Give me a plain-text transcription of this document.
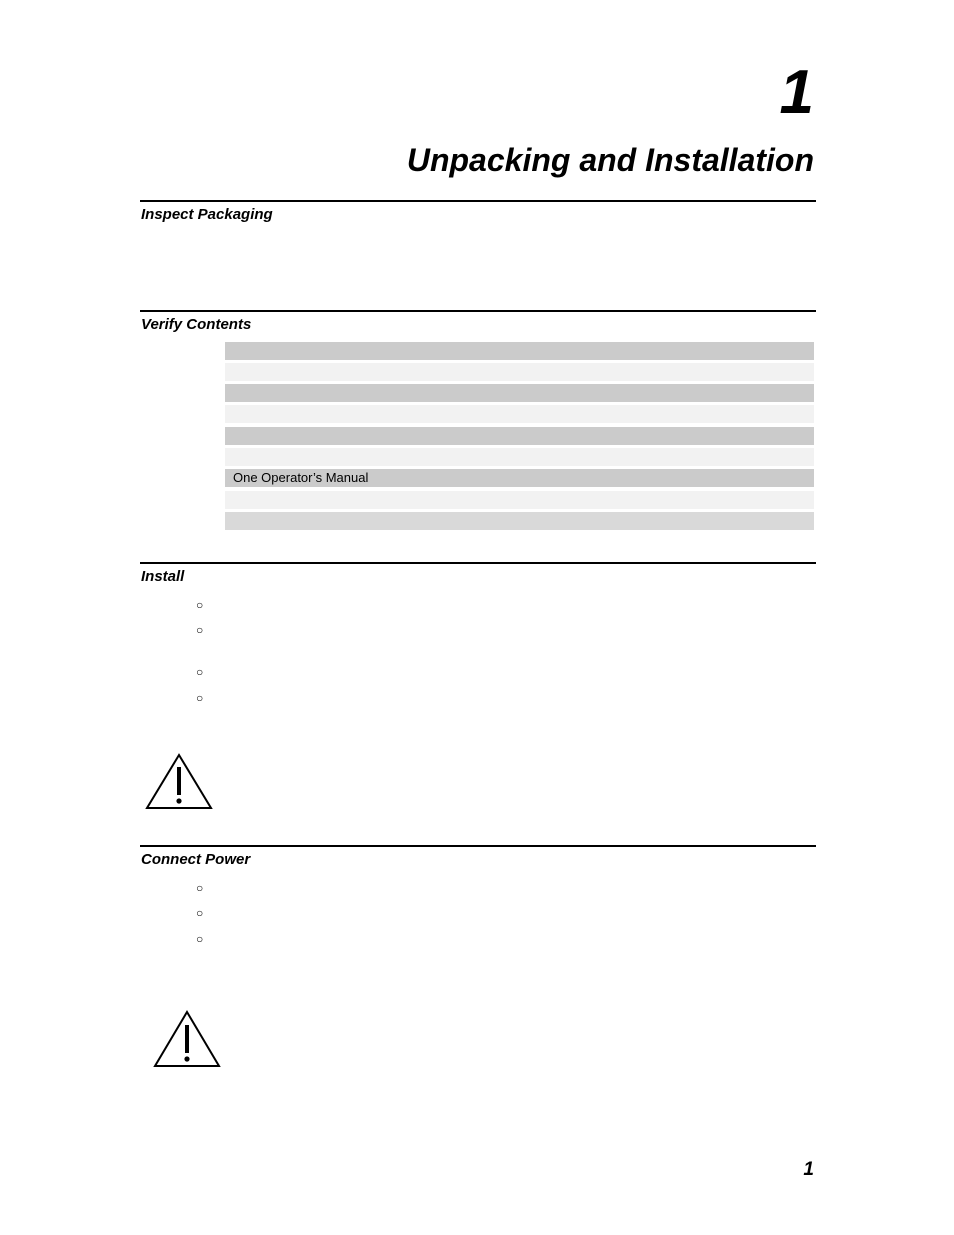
1
Unpacking and Installation
Inspect Packaging
Verify Contents
One Operator’s Manual
Install
○
○
○
○
Connect Power
○
○
○
1
